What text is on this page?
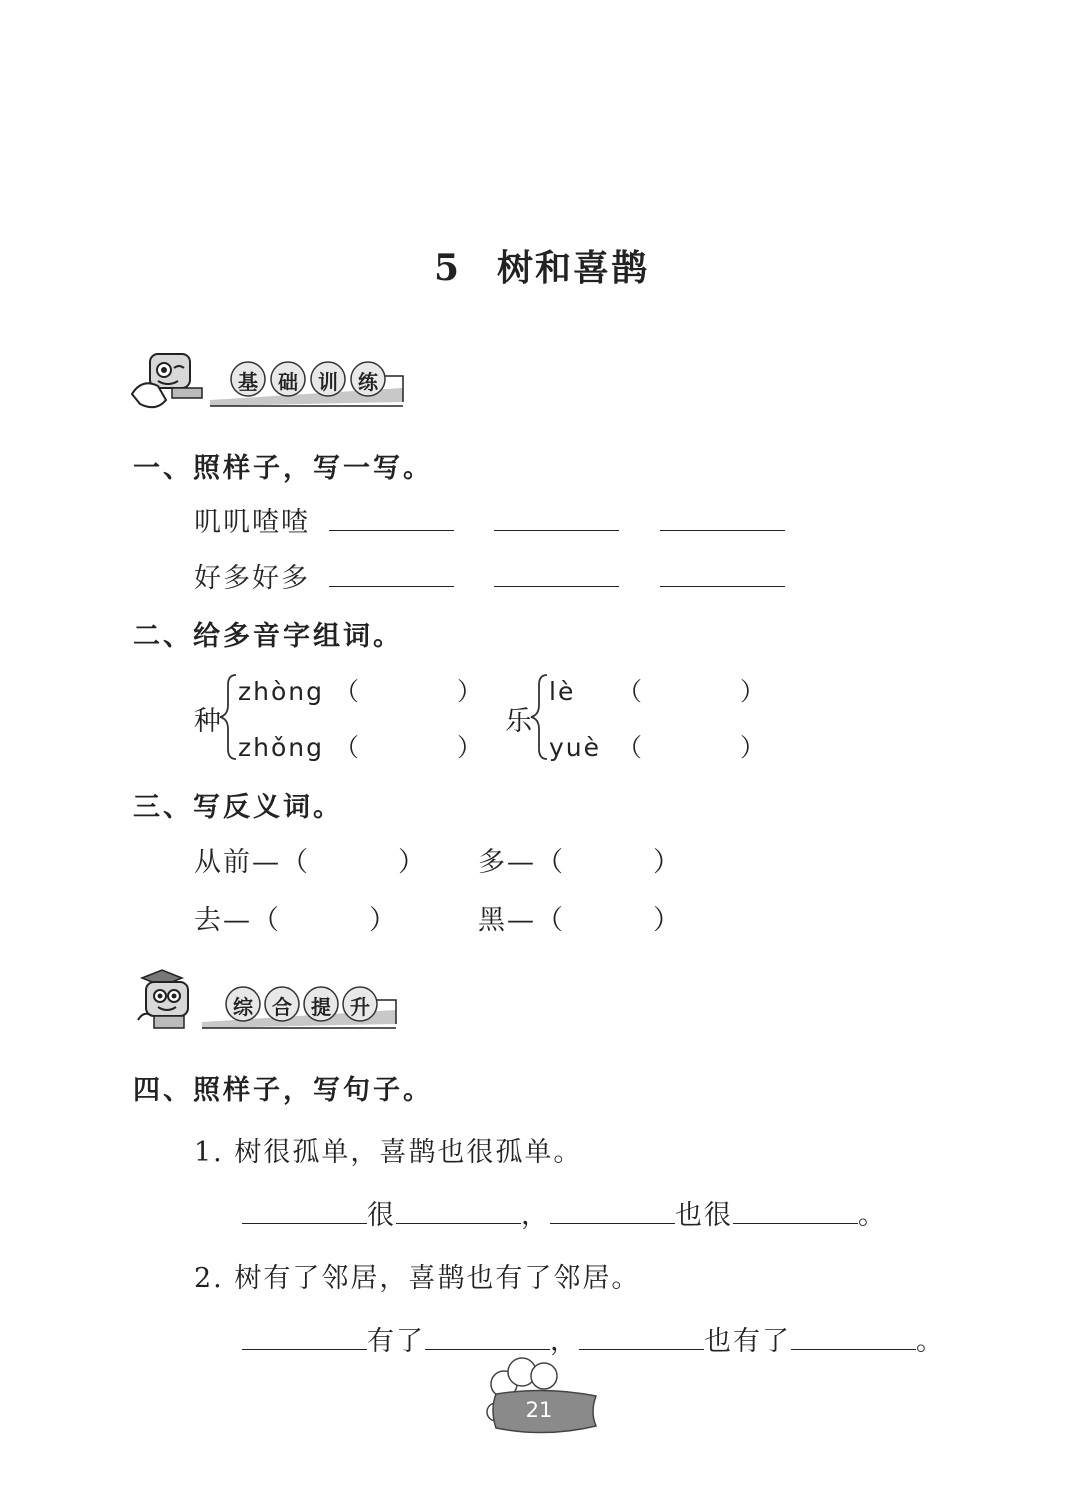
5 树和喜鹊
基 础 训 练
一、照样子，写一写。
叽叽喳喳
好多好多
二、给多音字组词。
种
zhòng （	）
zhǒng （	）
乐
lè （	）
yuè （	）
三、写反义词。
从前—（	） 多—（	）
去—（	）	黑—（	）
综 合 提 升
四、照样子，写句子。
1. 树很孤单，喜鹊也很孤单。
很	，	也很	。
2. 树有了邻居，喜鹊也有了邻居。
有了	，	也有了	。
21
